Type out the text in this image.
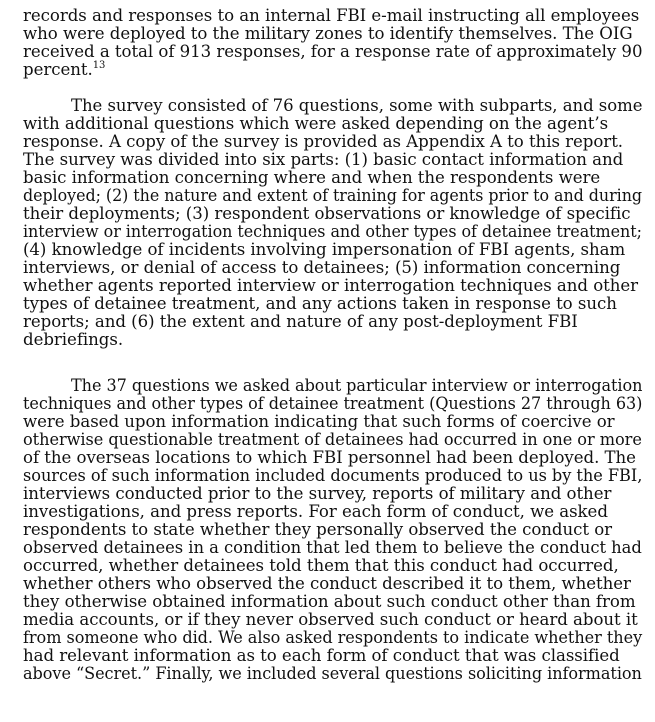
records and responses to an internal FBI e-mail instructing all employees
who were deployed to the military zones to identify themselves. The OIG
received a total of 913 responses, for a response rate of approximately 90
percent.$^{13}$
The survey consisted of 76 questions, some with subparts, and some
with additional questions which were asked depending on the agent’s
response. A copy of the survey is provided as Appendix A to this report.
The survey was divided into six parts: (1) basic contact information and
basic information concerning where and when the respondents were
deployed; (2) the nature and extent of training for agents prior to and during
their deployments; (3) respondent observations or knowledge of specific
interview or interrogation techniques and other types of detainee treatment;
(4) knowledge of incidents involving impersonation of FBI agents, sham
interviews, or denial of access to detainees; (5) information concerning
whether agents reported interview or interrogation techniques and other
types of detainee treatment, and any actions taken in response to such
reports; and (6) the extent and nature of any post-deployment FBI
debriefings.
The 37 questions we asked about particular interview or interrogation
techniques and other types of detainee treatment (Questions 27 through 63)
were based upon information indicating that such forms of coercive or
otherwise questionable treatment of detainees had occurred in one or more
of the overseas locations to which FBI personnel had been deployed. The
sources of such information included documents produced to us by the FBI,
interviews conducted prior to the survey, reports of military and other
investigations, and press reports. For each form of conduct, we asked
respondents to state whether they personally observed the conduct or
observed detainees in a condition that led them to believe the conduct had
occurred, whether detainees told them that this conduct had occurred,
whether others who observed the conduct described it to them, whether
they otherwise obtained information about such conduct other than from
media accounts, or if they never observed such conduct or heard about it
from someone who did. We also asked respondents to indicate whether they
had relevant information as to each form of conduct that was classified
above “Secret.” Finally, we included several questions soliciting information
